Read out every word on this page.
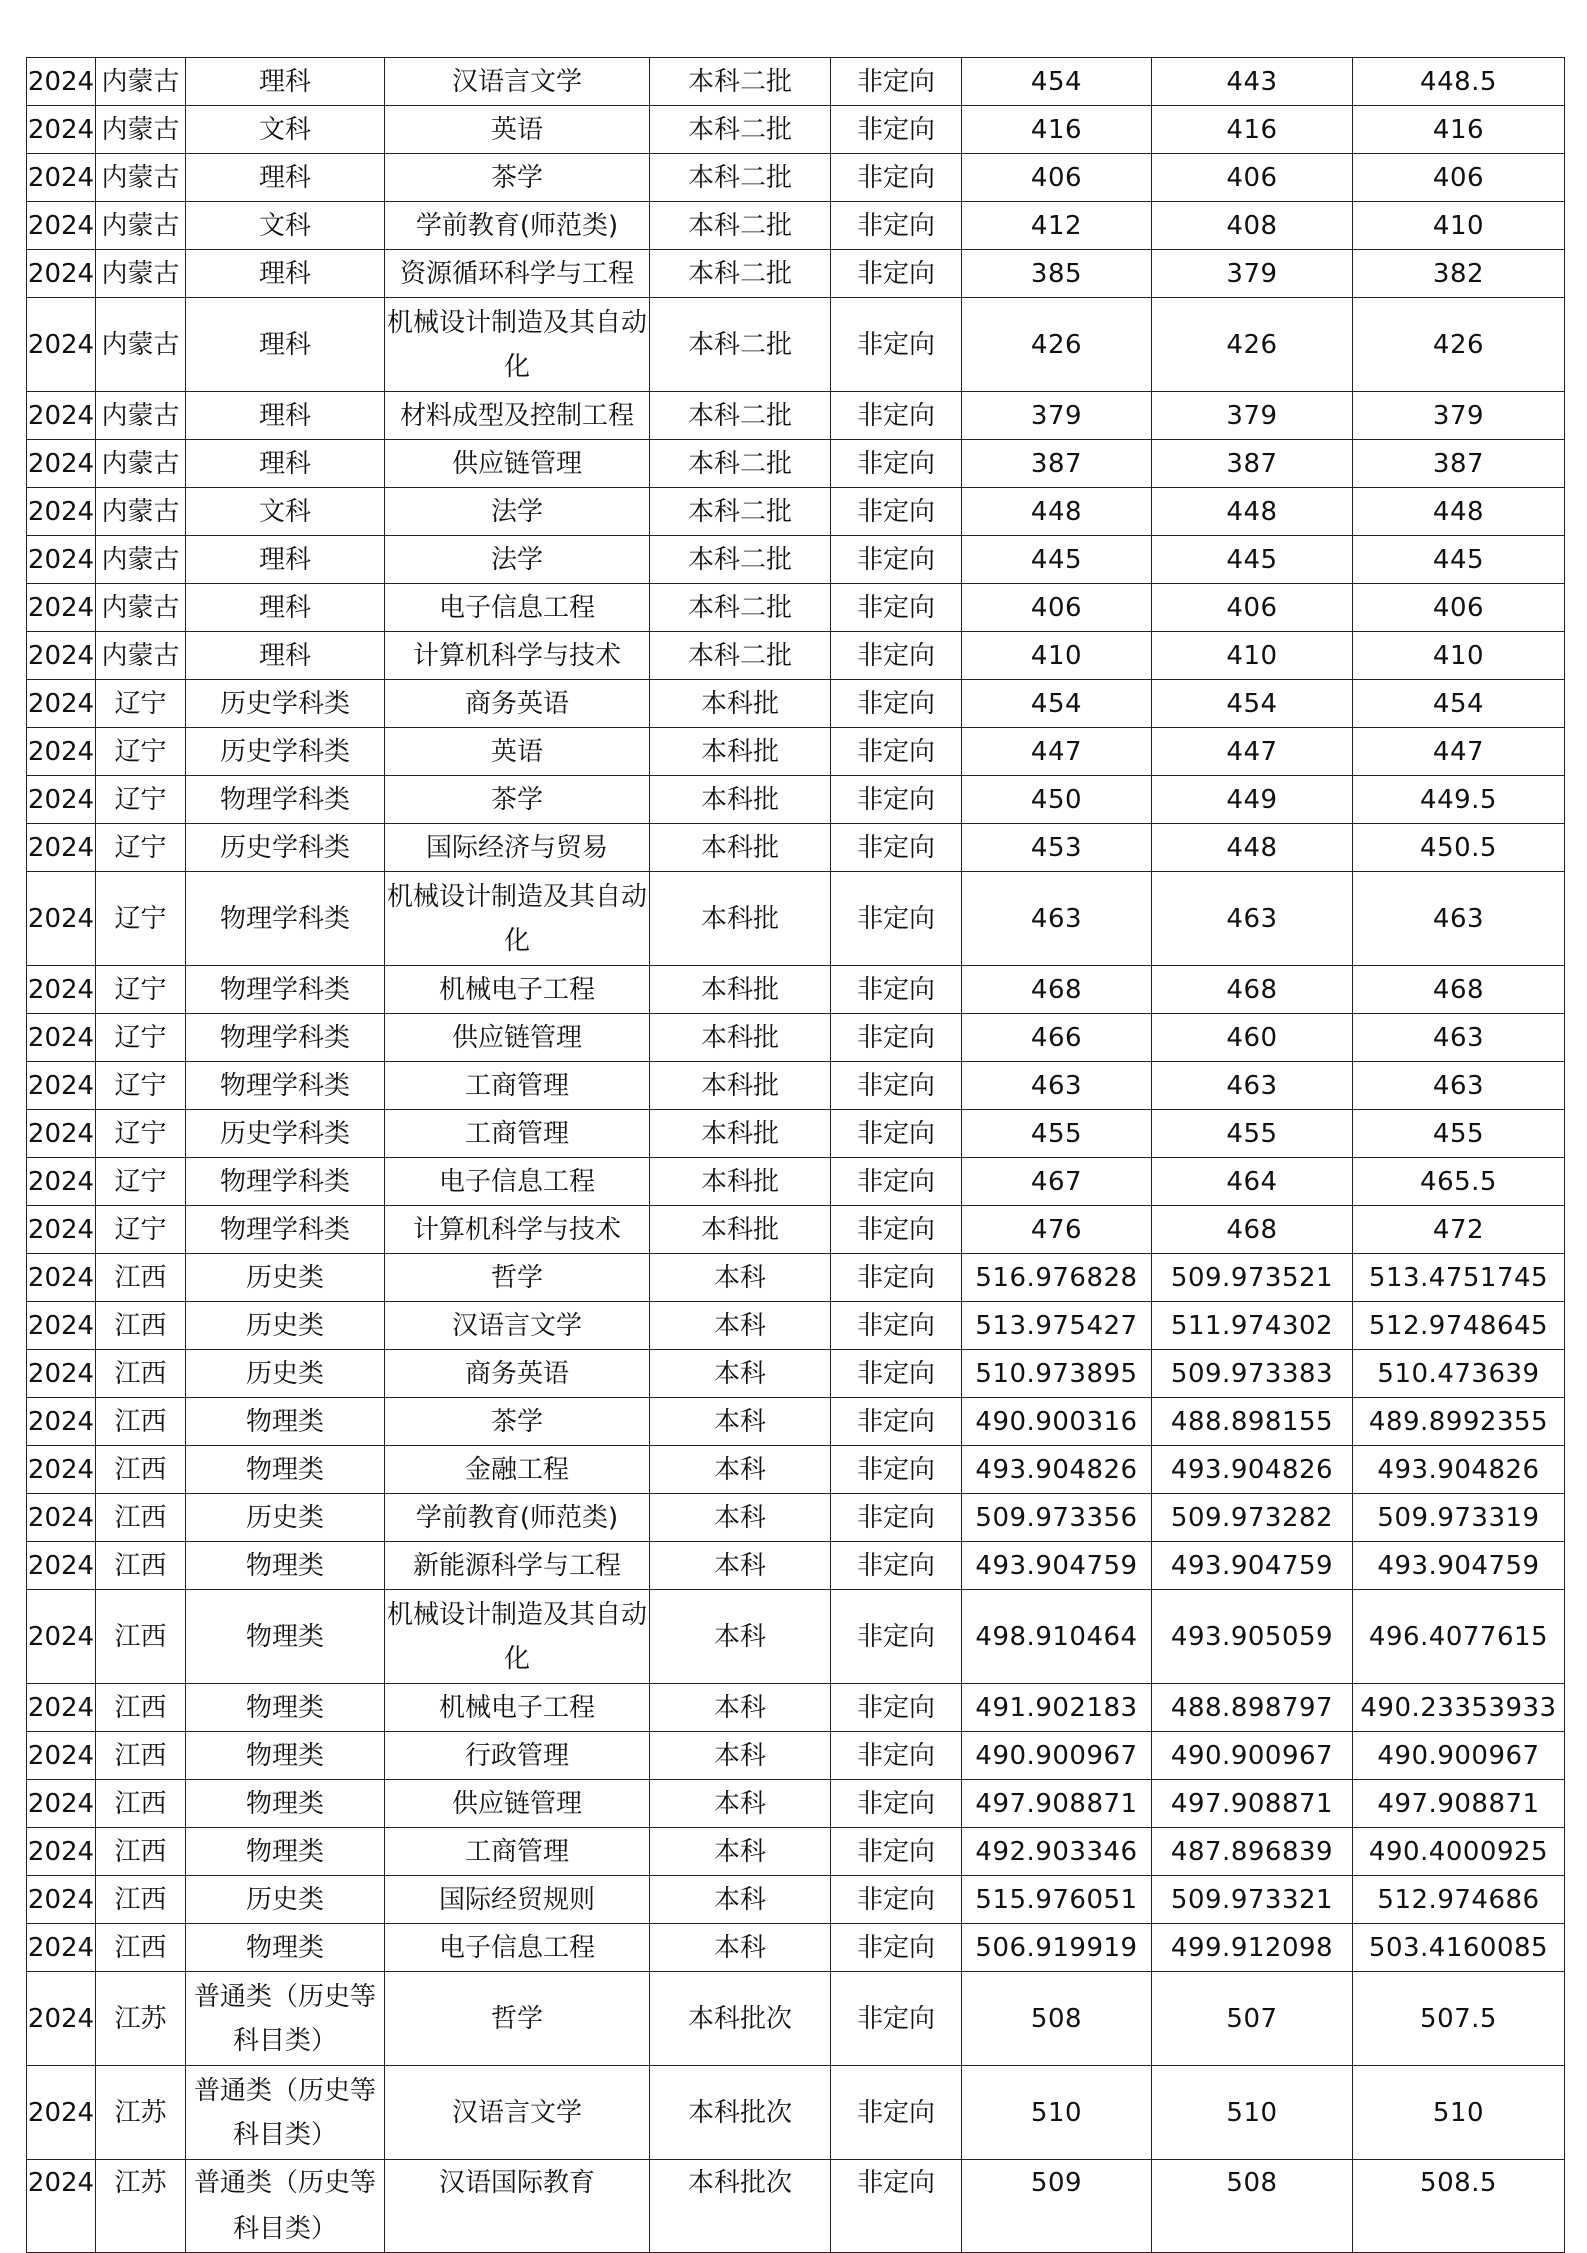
2024	内蒙古	理科	汉语言文学	本科二批	非定向	454	443	448.5
2024	内蒙古	文科	英语	本科二批	非定向	416	416	416
2024	内蒙古	理科	茶学	本科二批	非定向	406	406	406
2024	内蒙古	文科	学前教育(师范类)	本科二批	非定向	412	408	410
2024	内蒙古	理科	资源循环科学与工程	本科二批	非定向	385	379	382
2024	内蒙古	理科	机械设计制造及其自动化	本科二批	非定向	426	426	426
2024	内蒙古	理科	材料成型及控制工程	本科二批	非定向	379	379	379
2024	内蒙古	理科	供应链管理	本科二批	非定向	387	387	387
2024	内蒙古	文科	法学	本科二批	非定向	448	448	448
2024	内蒙古	理科	法学	本科二批	非定向	445	445	445
2024	内蒙古	理科	电子信息工程	本科二批	非定向	406	406	406
2024	内蒙古	理科	计算机科学与技术	本科二批	非定向	410	410	410
2024	辽宁	历史学科类	商务英语	本科批	非定向	454	454	454
2024	辽宁	历史学科类	英语	本科批	非定向	447	447	447
2024	辽宁	物理学科类	茶学	本科批	非定向	450	449	449.5
2024	辽宁	历史学科类	国际经济与贸易	本科批	非定向	453	448	450.5
2024	辽宁	物理学科类	机械设计制造及其自动化	本科批	非定向	463	463	463
2024	辽宁	物理学科类	机械电子工程	本科批	非定向	468	468	468
2024	辽宁	物理学科类	供应链管理	本科批	非定向	466	460	463
2024	辽宁	物理学科类	工商管理	本科批	非定向	463	463	463
2024	辽宁	历史学科类	工商管理	本科批	非定向	455	455	455
2024	辽宁	物理学科类	电子信息工程	本科批	非定向	467	464	465.5
2024	辽宁	物理学科类	计算机科学与技术	本科批	非定向	476	468	472
2024	江西	历史类	哲学	本科	非定向	516.976828	509.973521	513.4751745
2024	江西	历史类	汉语言文学	本科	非定向	513.975427	511.974302	512.9748645
2024	江西	历史类	商务英语	本科	非定向	510.973895	509.973383	510.473639
2024	江西	物理类	茶学	本科	非定向	490.900316	488.898155	489.8992355
2024	江西	物理类	金融工程	本科	非定向	493.904826	493.904826	493.904826
2024	江西	历史类	学前教育(师范类)	本科	非定向	509.973356	509.973282	509.973319
2024	江西	物理类	新能源科学与工程	本科	非定向	493.904759	493.904759	493.904759
2024	江西	物理类	机械设计制造及其自动化	本科	非定向	498.910464	493.905059	496.4077615
2024	江西	物理类	机械电子工程	本科	非定向	491.902183	488.898797	490.23353933
2024	江西	物理类	行政管理	本科	非定向	490.900967	490.900967	490.900967
2024	江西	物理类	供应链管理	本科	非定向	497.908871	497.908871	497.908871
2024	江西	物理类	工商管理	本科	非定向	492.903346	487.896839	490.4000925
2024	江西	历史类	国际经贸规则	本科	非定向	515.976051	509.973321	512.974686
2024	江西	物理类	电子信息工程	本科	非定向	506.919919	499.912098	503.4160085
2024	江苏	普通类（历史等科目类）	哲学	本科批次	非定向	508	507	507.5
2024	江苏	普通类（历史等科目类）	汉语言文学	本科批次	非定向	510	510	510
2024	江苏	普通类（历史等科目类）	汉语国际教育	本科批次	非定向	509	508	508.5
